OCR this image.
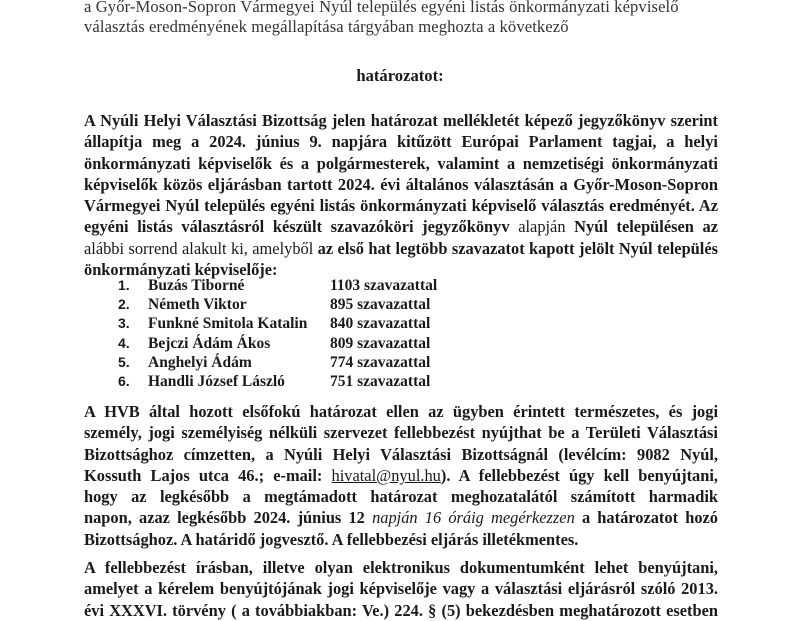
a Győr-Moson-Sopron Vármegyei Nyúl település egyéni listás önkormányzati képviselő
választás eredményének megállapítása tárgyában meghozta a következő
határozatot:
A Nyúli Helyi Választási Bizottság jelen határozat mellékletét képező jegyzőkönyv szerint
állapítja meg a 2024. június 9. napjára kitűzött Európai Parlament tagjai, a helyi
önkormányzati képviselők és a polgármesterek, valamint a nemzetiségi önkormányzati
képviselők közös eljárásban tartott 2024. évi általános választásán a Győr-Moson-Sopron
Vármegyei Nyúl település egyéni listás önkormányzati képviselő választás eredményét. Az
egyéni listás választásról készült szavazóköri jegyzőkönyv alapján Nyúl településen az
alábbi sorrend alakult ki, amelyből az első hat legtöbb szavazatot kapott jelölt Nyúl település
önkormányzati képviselője:
1.	Buzás Tiborné	1103 szavazattal
2.	Németh Viktor	895 szavazattal
3.	Funkné Smitola Katalin	840 szavazattal
4.	Bejczi Ádám Ákos	809 szavazattal
5.	Anghelyi Ádám	774 szavazattal
6.	Handli József László	751 szavazattal
A HVB által hozott elsőfokú határozat ellen az ügyben érintett természetes, és jogi
személy, jogi személyiség nélküli szervezet fellebbezést nyújthat be a Területi Választási
Bizottsághoz címzetten, a Nyúli Helyi Választási Bizottságnál (levélcím: 9082 Nyúl,
Kossuth Lajos utca 46.; e-mail: hivatal@nyul.hu). A fellebbezést úgy kell benyújtani,
hogy az legkésőbb a megtámadott határozat meghozatalától számított harmadik
napon, azaz legkésőbb 2024. június 12 napján 16 óráig megérkezzen a határozatot hozó
Bizottsághoz. A határidő jogvesztő. A fellebbezési eljárás illetékmentes.
A fellebbezést írásban, illetve olyan elektronikus dokumentumként lehet benyújtani,
amelyet a kérelem benyújtójának jogi képviselője vagy a választási eljárásról szóló 2013.
évi XXXVI. törvény ( a továbbiakban: Ve.) 224. § (5) bekezdésben meghatározott esetben
